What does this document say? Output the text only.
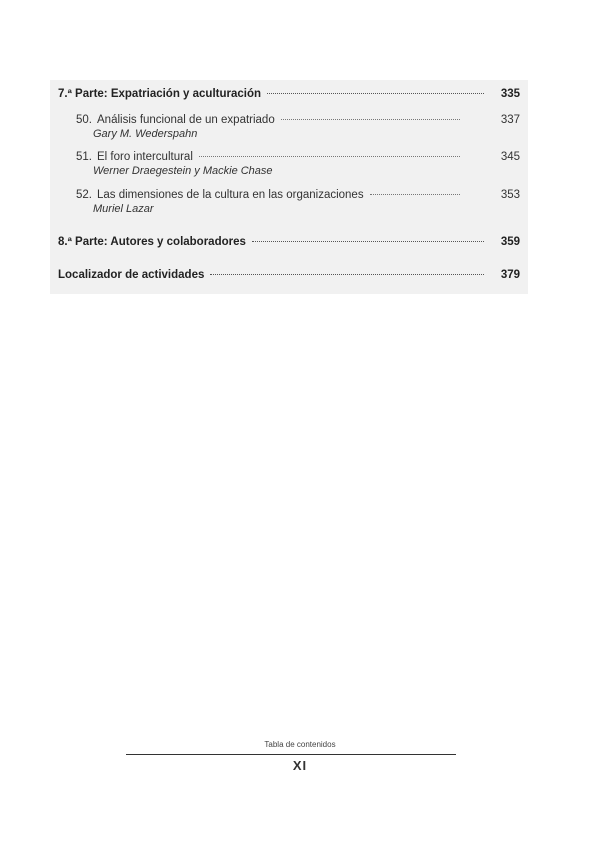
7.ª Parte: Expatriación y aculturación	335
50. Análisis funcional de un expatriado	337
Gary M. Wederspahn
51. El foro intercultural	345
Werner Draegestein y Mackie Chase
52. Las dimensiones de la cultura en las organizaciones	353
Muriel Lazar
8.ª Parte: Autores y colaboradores	359
Localizador de actividades	379
Tabla de contenidos
XI
